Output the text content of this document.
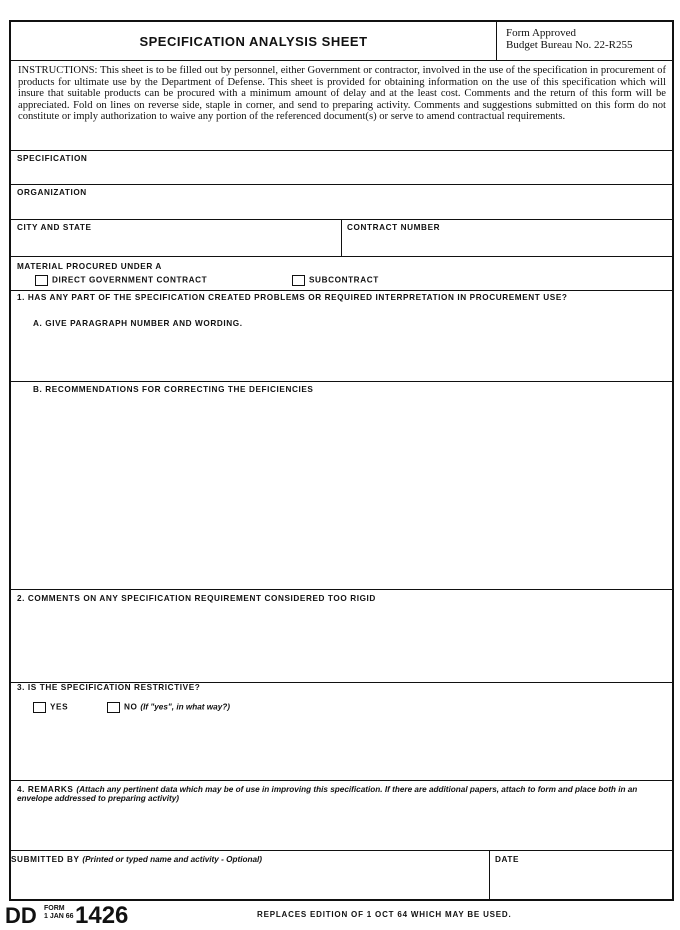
SPECIFICATION ANALYSIS SHEET
Form Approved
Budget Bureau No. 22-R255
INSTRUCTIONS: This sheet is to be filled out by personnel, either Government or contractor, involved in the use of the specification in procurement of products for ultimate use by the Department of Defense. This sheet is provided for obtaining information on the use of this specification which will insure that suitable products can be procured with a minimum amount of delay and at the least cost. Comments and the return of this form will be appreciated. Fold on lines on reverse side, staple in corner, and send to preparing activity. Comments and suggestions submitted on this form do not constitute or imply authorization to waive any portion of the referenced document(s) or serve to amend contractual requirements.
SPECIFICATION
ORGANIZATION
CITY AND STATE	CONTRACT NUMBER
MATERIAL PROCURED UNDER A
DIRECT GOVERNMENT CONTRACT	SUBCONTRACT
1. HAS ANY PART OF THE SPECIFICATION CREATED PROBLEMS OR REQUIRED INTERPRETATION IN PROCUREMENT USE?
A. GIVE PARAGRAPH NUMBER AND WORDING.
B. RECOMMENDATIONS FOR CORRECTING THE DEFICIENCIES
2. COMMENTS ON ANY SPECIFICATION REQUIREMENT CONSIDERED TOO RIGID
3. IS THE SPECIFICATION RESTRICTIVE?
YES	NO (If "yes", in what way?)
4. REMARKS (Attach any pertinent data which may be of use in improving this specification. If there are additional papers, attach to form and place both in an envelope addressed to preparing activity)
SUBMITTED BY (Printed or typed name and activity - Optional)	DATE
DD FORM
1 JAN 66 1426	REPLACES EDITION OF 1 OCT 64 WHICH MAY BE USED.
